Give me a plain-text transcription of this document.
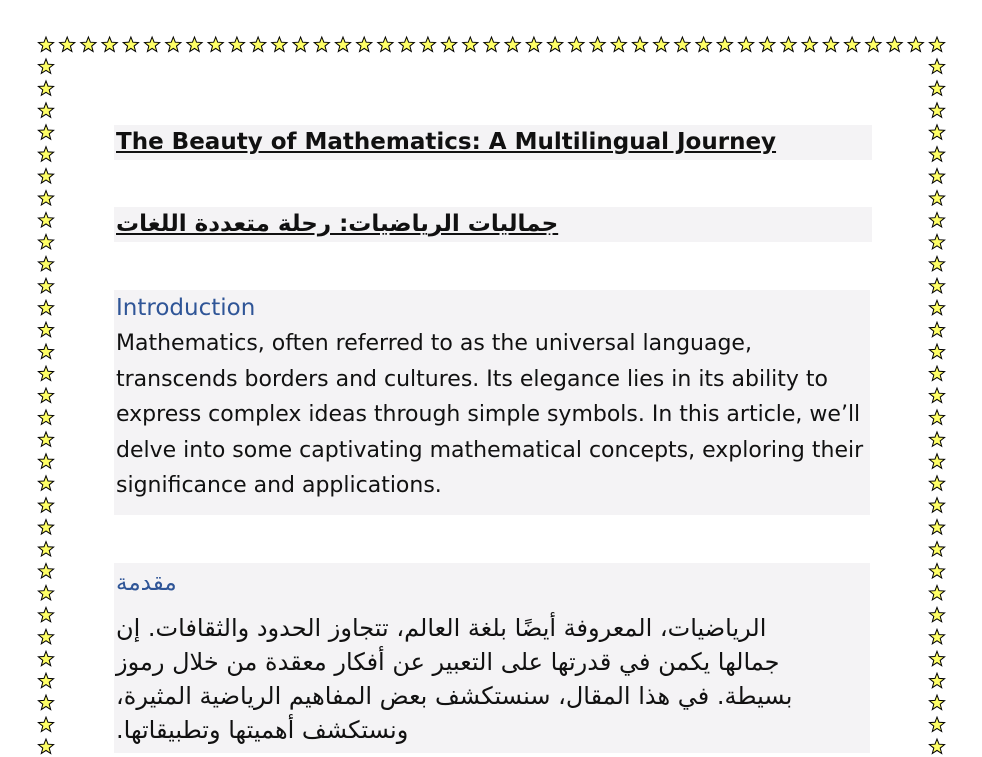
The Beauty of Mathematics: A Multilingual Journey
جماليات الرياضيات: رحلة متعددة اللغات
Introduction
Mathematics, often referred to as the universal language, transcends borders and cultures. Its elegance lies in its ability to express complex ideas through simple symbols. In this article, we’ll delve into some captivating mathematical concepts, exploring their significance and applications.
مقدمة
الرياضيات، المعروفة أيضًا بلغة العالم، تتجاوز الحدود والثقافات. إن
جمالها يكمن في قدرتها على التعبير عن أفكار معقدة من خلال رموز
بسيطة. في هذا المقال، سنستكشف بعض المفاهيم الرياضية المثيرة،
ونستكشف أهميتها وتطبيقاتها.
